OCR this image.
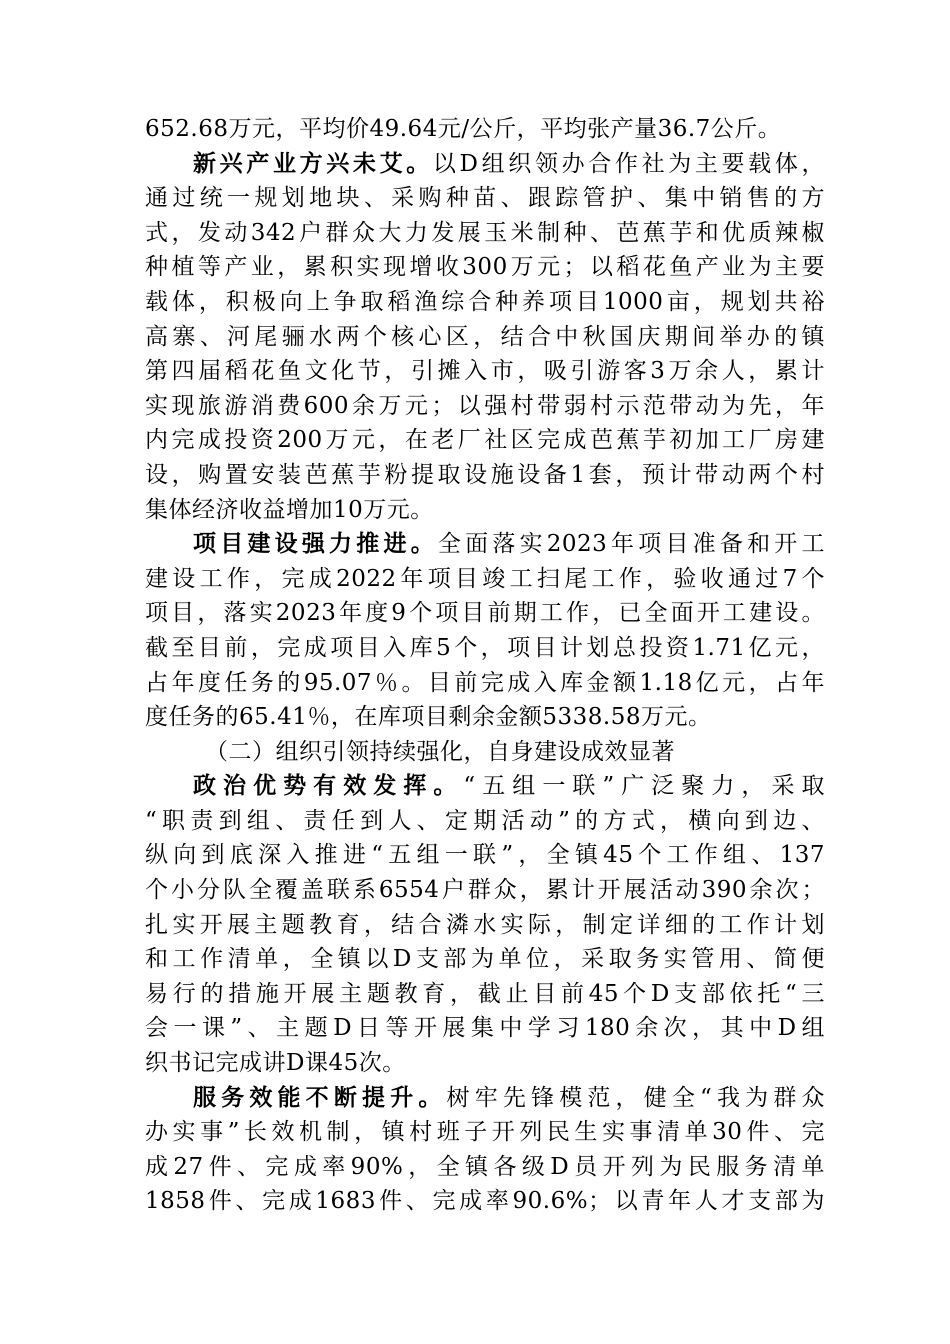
652.68万元，平均价49.64元/公斤，平均张产量36.7公斤。
新兴产业方兴未艾。以D组织领办合作社为主要载体，
通过统一规划地块、采购种苗、跟踪管护、集中销售的方
式，发动342户群众大力发展玉米制种、芭蕉芋和优质辣椒
种植等产业，累积实现增收300万元；以稻花鱼产业为主要
载体，积极向上争取稻渔综合种养项目1000亩，规划共裕
高寨、河尾骊水两个核心区，结合中秋国庆期间举办的镇
第四届稻花鱼文化节，引摊入市，吸引游客3万余人，累计
实现旅游消费600余万元；以强村带弱村示范带动为先，年
内完成投资200万元，在老厂社区完成芭蕉芋初加工厂房建
设，购置安装芭蕉芋粉提取设施设备1套，预计带动两个村
集体经济收益增加10万元。
项目建设强力推进。全面落实2023年项目准备和开工
建设工作，完成2022年项目竣工扫尾工作，验收通过7个
项目，落实2023年度9个项目前期工作，已全面开工建设。
截至目前，完成项目入库5个，项目计划总投资1.71亿元，
占年度任务的95.07％。目前完成入库金额1.18亿元，占年
度任务的65.41％，在库项目剩余金额5338.58万元。
（二）组织引领持续强化，自身建设成效显著
政治优势有效发挥。“五组一联”广泛聚力，采取
“职责到组、责任到人、定期活动”的方式，横向到边、
纵向到底深入推进“五组一联”，全镇45个工作组、137
个小分队全覆盖联系6554户群众，累计开展活动390余次；
扎实开展主题教育，结合潾水实际，制定详细的工作计划
和工作清单，全镇以D支部为单位，采取务实管用、简便
易行的措施开展主题教育，截止目前45个D支部依托“三
会一课”、主题D日等开展集中学习180余次，其中D组
织书记完成讲D课45次。
服务效能不断提升。树牢先锋模范，健全“我为群众
办实事”长效机制，镇村班子开列民生实事清单30件、完
成27件、完成率90%，全镇各级D员开列为民服务清单
1858件、完成1683件、完成率90.6%；以青年人才支部为
